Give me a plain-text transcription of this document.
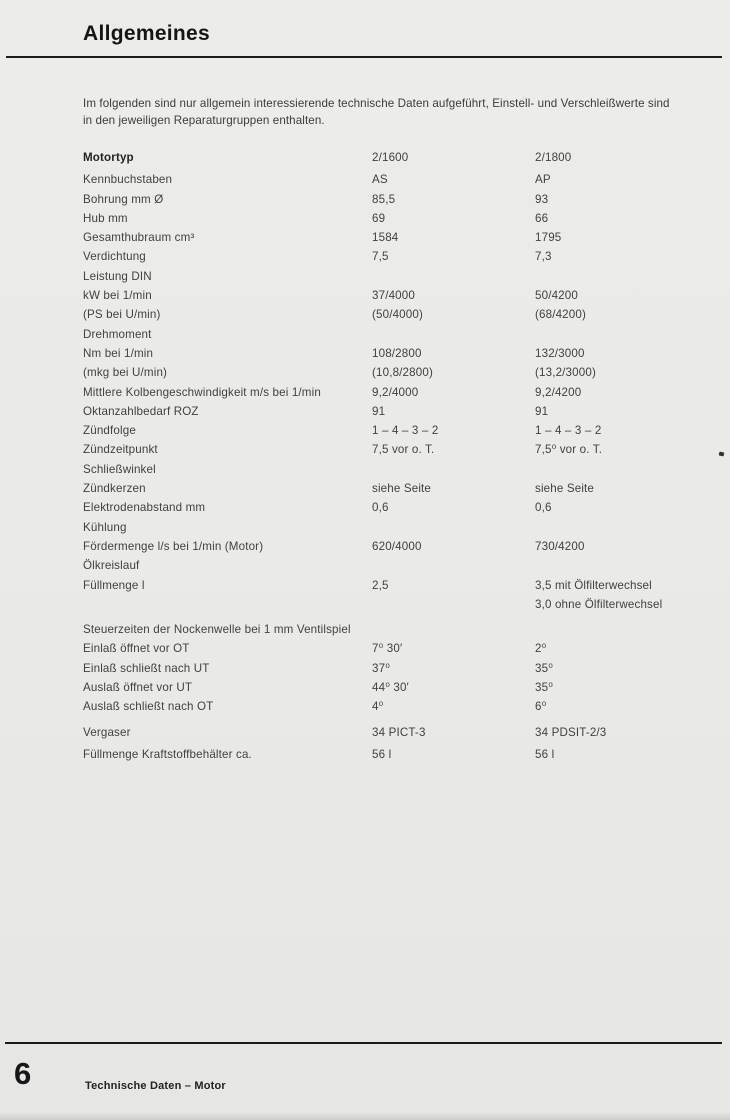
Allgemeines
Im folgenden sind nur allgemein interessierende technische Daten aufgeführt, Einstell- und Verschleißwerte sind
in den jeweiligen Reparaturgruppen enthalten.
Motortyp	2/1600	2/1800
Kennbuchstaben	AS	AP
Bohrung mm Ø	85,5	93
Hub mm	69	66
Gesamthubraum cm³	1584	1795
Verdichtung	7,5	7,3
Leistung DIN
kW bei 1/min	37/4000	50/4200
(PS bei U/min)	(50/4000)	(68/4200)
Drehmoment
Nm bei 1/min	108/2800	132/3000
(mkg bei U/min)	(10,8/2800)	(13,2/3000)
Mittlere Kolbengeschwindigkeit m/s bei 1/min	9,2/4000	9,2/4200
Oktanzahlbedarf ROZ	91	91
Zündfolge	1 – 4 – 3 – 2	1 – 4 – 3 – 2
Zündzeitpunkt	7,5 vor o. T.	7,5⁰ vor o. T.
Schließwinkel
Zündkerzen	siehe Seite	siehe Seite
Elektrodenabstand mm	0,6	0,6
Kühlung
Fördermenge l/s bei 1/min (Motor)	620/4000	730/4200
Ölkreislauf
Füllmenge l	2,5	3,5 mit Ölfilterwechsel
3,0 ohne Ölfilterwechsel
Steuerzeiten der Nockenwelle bei 1 mm Ventilspiel
Einlaß öffnet vor OT	7⁰ 30′	2⁰
Einlaß schließt nach UT	37⁰	35⁰
Auslaß öffnet vor UT	44⁰ 30′	35⁰
Auslaß schließt nach OT	4⁰	6⁰
Vergaser	34 PICT-3	34 PDSIT-2/3
Füllmenge Kraftstoffbehälter ca.	56 l	56 l
6	Technische Daten – Motor
